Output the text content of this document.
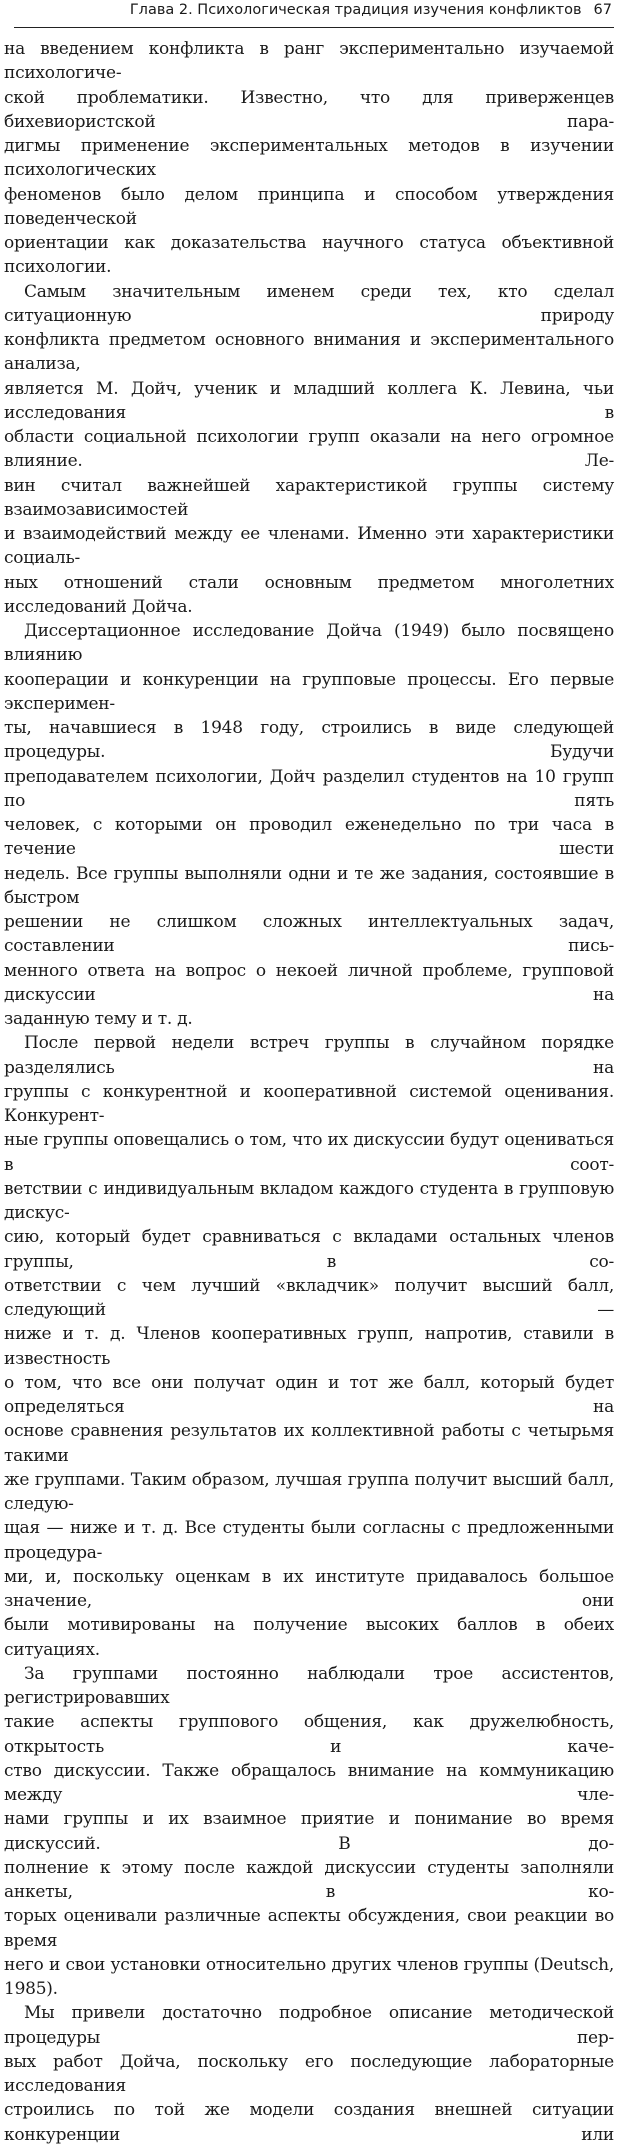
Глава 2. Психологическая традиция изучения конфликтов 67

на введением конфликта в ранг экспериментально изучаемой психологиче-

ской проблематики. Известно, что для приверженцев бихевиористской пара-

дигмы применение экспериментальных методов в изучении психологических

феноменов было делом принципа и способом утверждения поведенческой

ориентации как доказательства научного статуса объективной психологии.

Самым значительным именем среди тех, кто сделал ситуационную природу

конфликта предметом основного внимания и экспериментального анализа,

является М. Дойч, ученик и младший коллега К. Левина, чьи исследования в

области социальной психологии групп оказали на него огромное влияние. Ле-

вин считал важнейшей характеристикой группы систему взаимозависимостей

и взаимодействий между ее членами. Именно эти характеристики социаль-

ных отношений стали основным предметом многолетних исследований Дойча.

Диссертационное исследование Дойча (1949) было посвящено влиянию

кооперации и конкуренции на групповые процессы. Его первые эксперимен-

ты, начавшиеся в 1948 году, строились в виде следующей процедуры. Будучи

преподавателем психологии, Дойч разделил студентов на 10 групп по пять

человек, с которыми он проводил еженедельно по три часа в течение шести

недель. Все группы выполняли одни и те же задания, состоявшие в быстром

решении не слишком сложных интеллектуальных задач, составлении пись-

менного ответа на вопрос о некоей личной проблеме, групповой дискуссии на

заданную тему и т. д.

После первой недели встреч группы в случайном порядке разделялись на

группы с конкурентной и кооперативной системой оценивания. Конкурент-

ные группы оповещались о том, что их дискуссии будут оцениваться в соот-

ветствии с индивидуальным вкладом каждого студента в групповую дискус-

сию, который будет сравниваться с вкладами остальных членов группы, в со-

ответствии с чем лучший «вкладчик» получит высший балл, следующий —

ниже и т. д. Членов кооперативных групп, напротив, ставили в известность

о том, что все они получат один и тот же балл, который будет определяться на

основе сравнения результатов их коллективной работы с четырьмя такими

же группами. Таким образом, лучшая группа получит высший балл, следую-

щая — ниже и т. д. Все студенты были согласны с предложенными процедура-

ми, и, поскольку оценкам в их институте придавалось большое значение, они

были мотивированы на получение высоких баллов в обеих ситуациях.

За группами постоянно наблюдали трое ассистентов, регистрировавших

такие аспекты группового общения, как дружелюбность, открытость и каче-

ство дискуссии. Также обращалось внимание на коммуникацию между чле-

нами группы и их взаимное приятие и понимание во время дискуссий. В до-

полнение к этому после каждой дискуссии студенты заполняли анкеты, в ко-

торых оценивали различные аспекты обсуждения, свои реакции во время

него и свои установки относительно других членов группы (Deutsch, 1985).

Мы привели достаточно подробное описание методической процедуры пер-

вых работ Дойча, поскольку его последующие лабораторные исследования

строились по той же модели создания внешней ситуации конкуренции или
